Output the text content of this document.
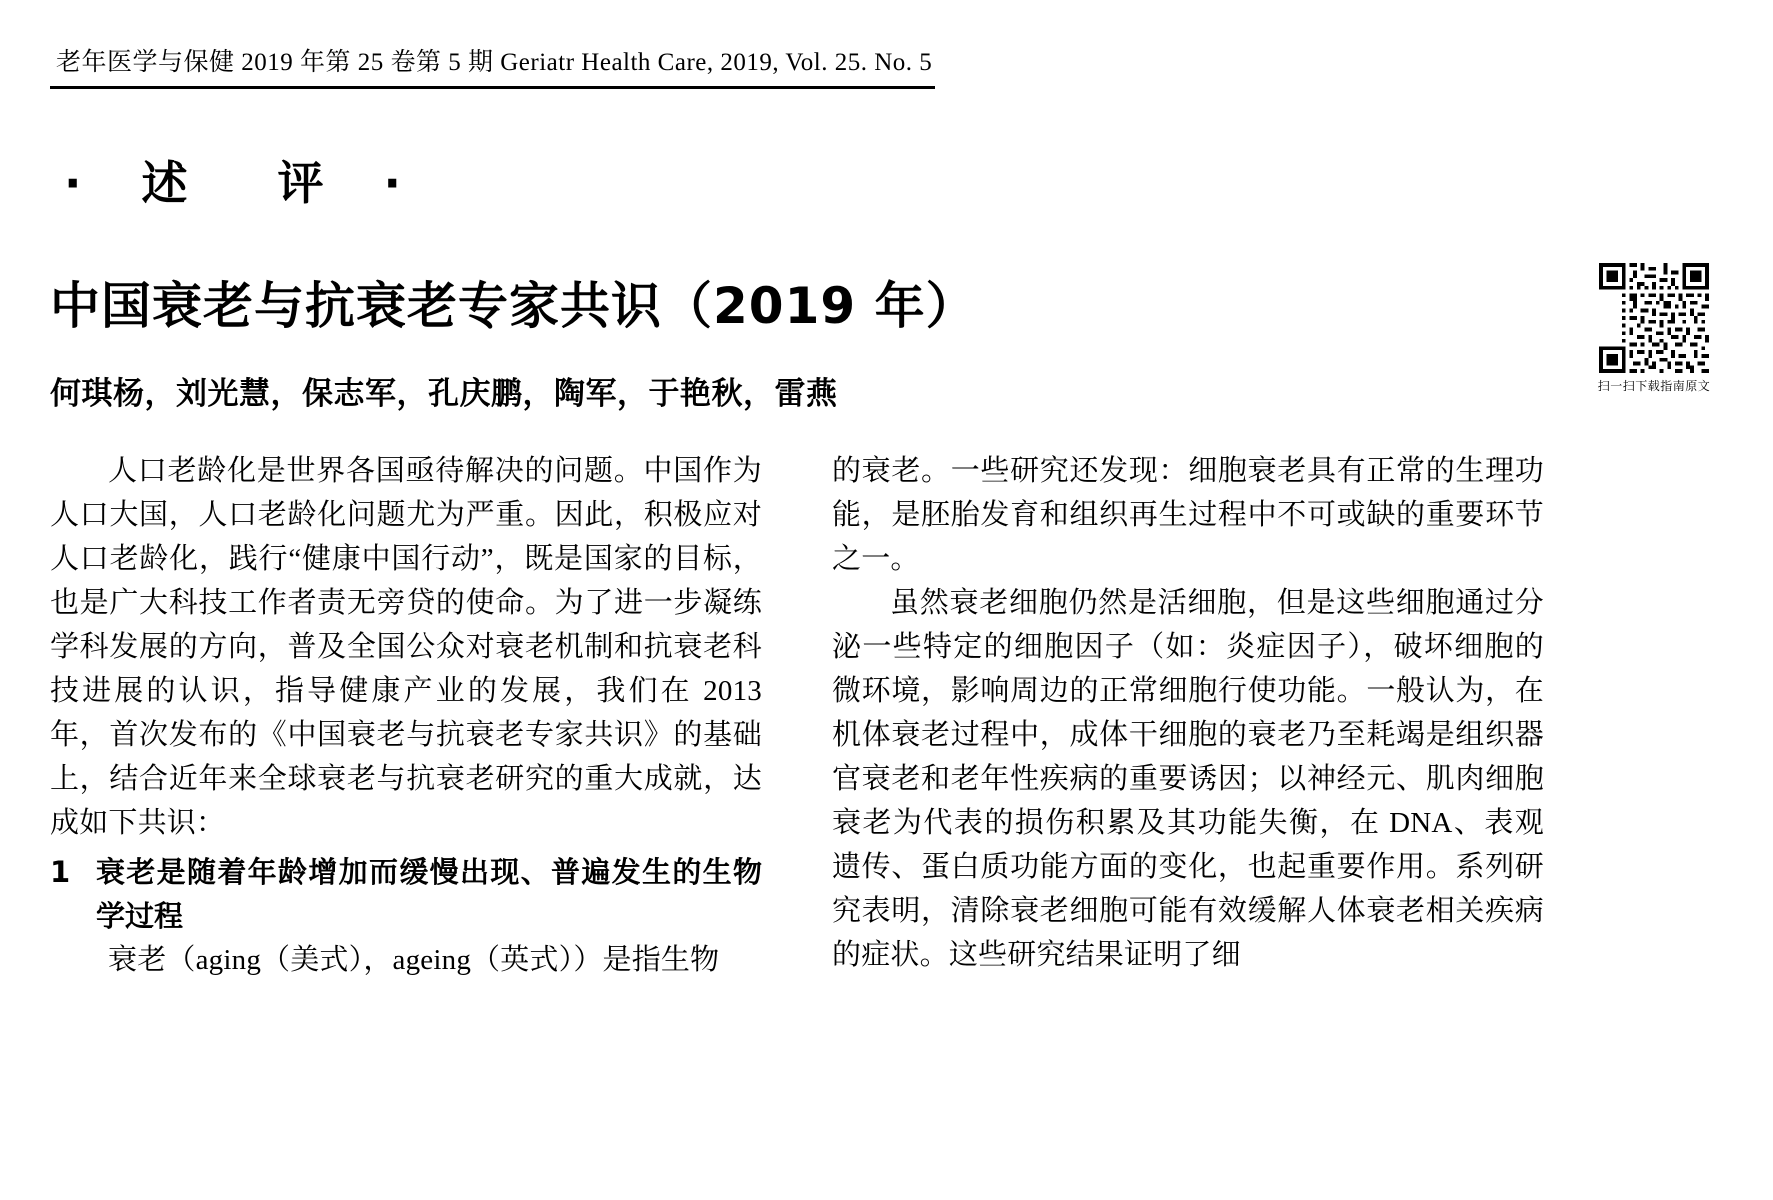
老年医学与保健 2019 年第 25 卷第 5 期 Geriatr Health Care, 2019, Vol. 25. No. 5
· 述　评 ·
中国衰老与抗衰老专家共识（2019 年）
何琪杨，刘光慧，保志军，孔庆鹏，陶军，于艳秋，雷燕	扫一扫下载指南原文

人口老龄化是世界各国亟待解决的问题。中国作为人口大国，人口老龄化问题尤为严重。因此，积极应对人口老龄化，践行“健康中国行动”，既是国家的目标，也是广大科技工作者责无旁贷的使命。为了进一步凝练学科发展的方向，普及全国公众对衰老机制和抗衰老科技进展的认识，指导健康产业的发展，我们在 2013 年，首次发布的《中国衰老与抗衰老专家共识》的基础上，结合近年来全球衰老与抗衰老研究的重大成就，达成如下共识：

1 衰老是随着年龄增加而缓慢出现、普遍发生的生物学过程

衰老（aging（美式），ageing（英式））是指生物

的衰老。一些研究还发现：细胞衰老具有正常的生理功能，是胚胎发育和组织再生过程中不可或缺的重要环节之一。

虽然衰老细胞仍然是活细胞，但是这些细胞通过分泌一些特定的细胞因子（如：炎症因子），破坏细胞的微环境，影响周边的正常细胞行使功能。一般认为，在机体衰老过程中，成体干细胞的衰老乃至耗竭是组织器官衰老和老年性疾病的重要诱因；以神经元、肌肉细胞衰老为代表的损伤积累及其功能失衡，在 DNA、表观遗传、蛋白质功能方面的变化，也起重要作用。系列研究表明，清除衰老细胞可能有效缓解人体衰老相关疾病的症状。这些研究结果证明了细
